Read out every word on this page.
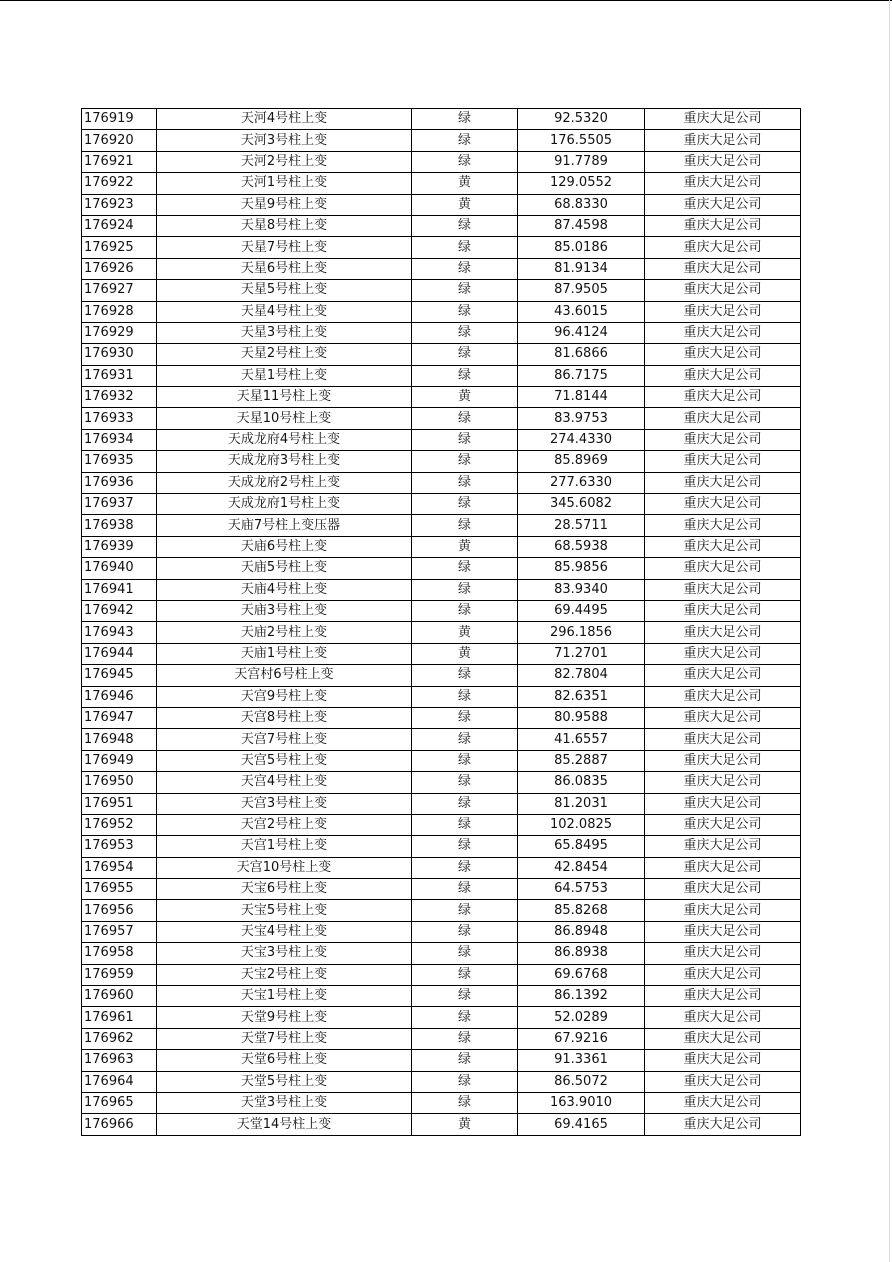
176919	天河4号柱上变	绿	92.5320	重庆大足公司
176920	天河3号柱上变	绿	176.5505	重庆大足公司
176921	天河2号柱上变	绿	91.7789	重庆大足公司
176922	天河1号柱上变	黄	129.0552	重庆大足公司
176923	天星9号柱上变	黄	68.8330	重庆大足公司
176924	天星8号柱上变	绿	87.4598	重庆大足公司
176925	天星7号柱上变	绿	85.0186	重庆大足公司
176926	天星6号柱上变	绿	81.9134	重庆大足公司
176927	天星5号柱上变	绿	87.9505	重庆大足公司
176928	天星4号柱上变	绿	43.6015	重庆大足公司
176929	天星3号柱上变	绿	96.4124	重庆大足公司
176930	天星2号柱上变	绿	81.6866	重庆大足公司
176931	天星1号柱上变	绿	86.7175	重庆大足公司
176932	天星11号柱上变	黄	71.8144	重庆大足公司
176933	天星10号柱上变	绿	83.9753	重庆大足公司
176934	天成龙府4号柱上变	绿	274.4330	重庆大足公司
176935	天成龙府3号柱上变	绿	85.8969	重庆大足公司
176936	天成龙府2号柱上变	绿	277.6330	重庆大足公司
176937	天成龙府1号柱上变	绿	345.6082	重庆大足公司
176938	天庙7号柱上变压器	绿	28.5711	重庆大足公司
176939	天庙6号柱上变	黄	68.5938	重庆大足公司
176940	天庙5号柱上变	绿	85.9856	重庆大足公司
176941	天庙4号柱上变	绿	83.9340	重庆大足公司
176942	天庙3号柱上变	绿	69.4495	重庆大足公司
176943	天庙2号柱上变	黄	296.1856	重庆大足公司
176944	天庙1号柱上变	黄	71.2701	重庆大足公司
176945	天宫村6号柱上变	绿	82.7804	重庆大足公司
176946	天宫9号柱上变	绿	82.6351	重庆大足公司
176947	天宫8号柱上变	绿	80.9588	重庆大足公司
176948	天宫7号柱上变	绿	41.6557	重庆大足公司
176949	天宫5号柱上变	绿	85.2887	重庆大足公司
176950	天宫4号柱上变	绿	86.0835	重庆大足公司
176951	天宫3号柱上变	绿	81.2031	重庆大足公司
176952	天宫2号柱上变	绿	102.0825	重庆大足公司
176953	天宫1号柱上变	绿	65.8495	重庆大足公司
176954	天宫10号柱上变	绿	42.8454	重庆大足公司
176955	天宝6号柱上变	绿	64.5753	重庆大足公司
176956	天宝5号柱上变	绿	85.8268	重庆大足公司
176957	天宝4号柱上变	绿	86.8948	重庆大足公司
176958	天宝3号柱上变	绿	86.8938	重庆大足公司
176959	天宝2号柱上变	绿	69.6768	重庆大足公司
176960	天宝1号柱上变	绿	86.1392	重庆大足公司
176961	天堂9号柱上变	绿	52.0289	重庆大足公司
176962	天堂7号柱上变	绿	67.9216	重庆大足公司
176963	天堂6号柱上变	绿	91.3361	重庆大足公司
176964	天堂5号柱上变	绿	86.5072	重庆大足公司
176965	天堂3号柱上变	绿	163.9010	重庆大足公司
176966	天堂14号柱上变	黄	69.4165	重庆大足公司
